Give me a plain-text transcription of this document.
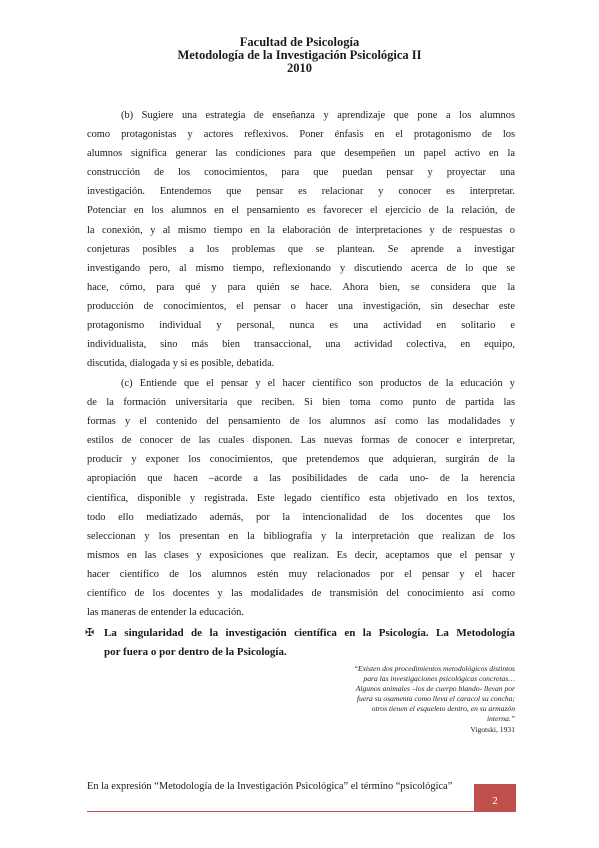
Facultad de Psicología
Metodología de la Investigación Psicológica II
2010
(b) Sugiere una estrategia de enseñanza y aprendizaje que pone a los alumnos
como protagonistas y actores reflexivos. Poner énfasis en el protagonismo de los
alumnos significa generar las condiciones para que desempeñen un papel activo en la
construcción de los conocimientos, para que puedan pensar y proyectar una
investigación. Entendemos que pensar es relacionar y conocer es interpretar.
Potenciar en los alumnos en el pensamiento es favorecer el ejercicio de la relación, de
la conexión, y al mismo tiempo en la elaboración de interpretaciones y de respuestas o
conjeturas posibles a los problemas que se plantean. Se aprende a investigar
investigando pero, al mismo tiempo, reflexionando y discutiendo acerca de lo que se
hace, cómo, para qué y para quién se hace. Ahora bien, se considera que la
producción de conocimientos, el pensar o hacer una investigación, sin desechar este
protagonismo individual y personal, nunca es una actividad en solitario e
individualista, sino más bien transaccional, una actividad colectiva, en equipo,
discutida, dialogada y si es posible, debatida.
(c) Entiende que el pensar y el hacer científico son productos de la educación y
de la formación universitaria que reciben. Si bien toma como punto de partida las
formas y el contenido del pensamiento de los alumnos así como las modalidades y
estilos de conocer de las cuales disponen. Las nuevas formas de conocer e interpretar,
producir y exponer los conocimientos, que pretendemos que adquieran, surgirán de la
apropiación que hacen –acorde a las posibilidades de cada uno- de la herencia
científica, disponible y registrada. Este legado científico esta objetivado en los textos,
todo ello mediatizado además, por la intencionalidad de los docentes que los
seleccionan y los presentan en la bibliografía y la interpretación que realizan de los
mismos en las clases y exposiciones que realizan. Es decir, aceptamos que el pensar y
hacer científico de los alumnos estén muy relacionados por el pensar y el hacer
científico de los docentes y las modalidades de transmisión del conocimiento así como
las maneras de entender la educación.
✠ La singularidad de la investigación científica en la Psicología. La Metodología
por fuera o por dentro de la Psicología.
“Existen dos procedimientos metodológicos distintos
para las investigaciones psicológicas concretas…
Algunos animales –los de cuerpo blando- llevan por
fuera su osamenta como lleva el caracol su concha;
otros tienen el esqueleto dentro, en su armazón
interna.”
Vigotski, 1931
En la expresión “Metodología de la Investigación Psicológica” el término “psicológica”
2
